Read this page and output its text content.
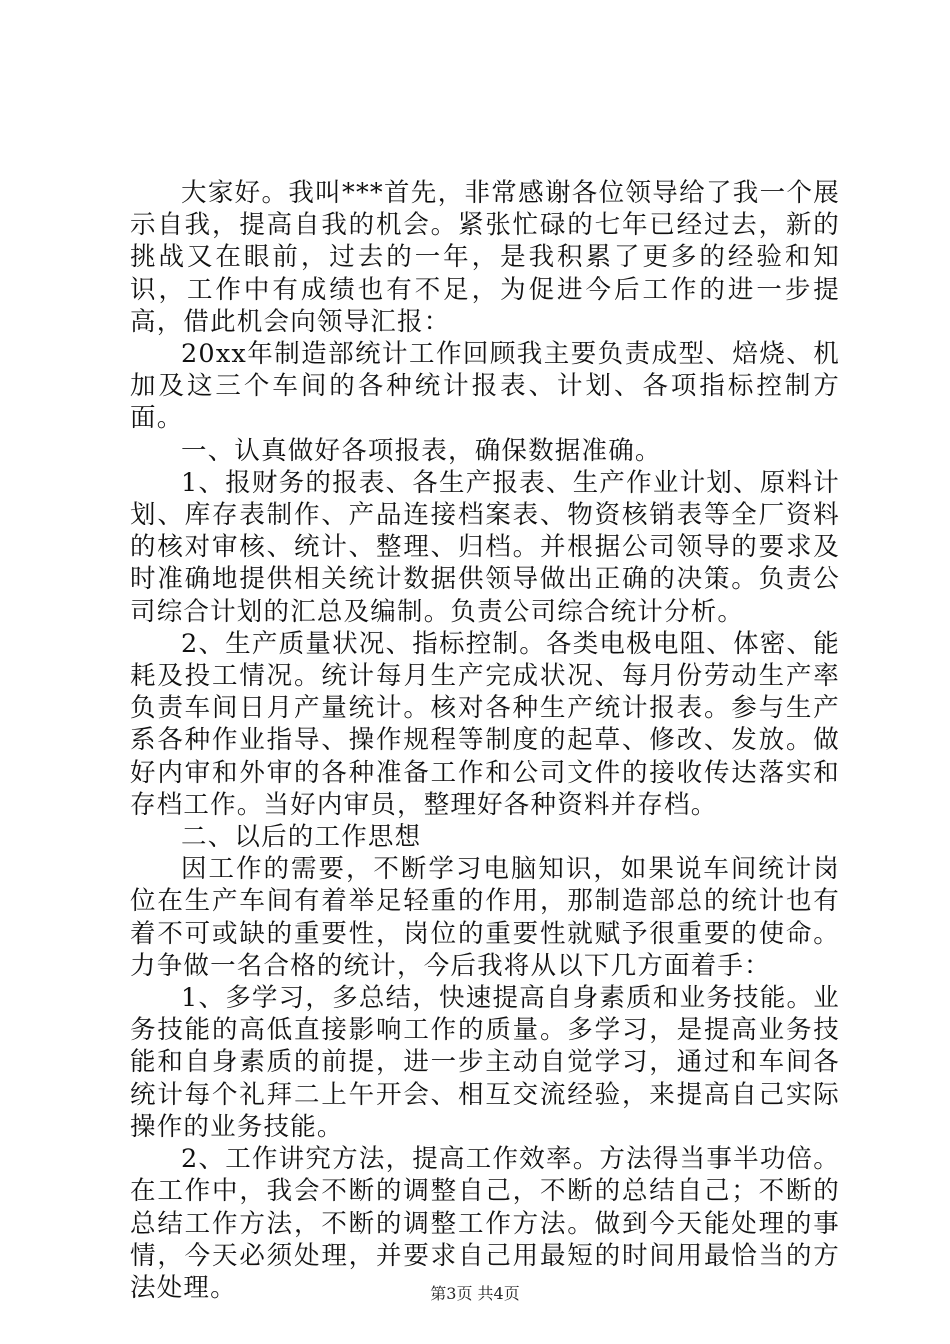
大家好。我叫***首先，非常感谢各位领导给了我一个展示自我，提高自我的机会。紧张忙碌的七年已经过去，新的挑战又在眼前，过去的一年，是我积累了更多的经验和知识，工作中有成绩也有不足，为促进今后工作的进一步提高，借此机会向领导汇报：

20xx年制造部统计工作回顾我主要负责成型、焙烧、机加及这三个车间的各种统计报表、计划、各项指标控制方面。

一、认真做好各项报表，确保数据准确。

1、报财务的报表、各生产报表、生产作业计划、原料计划、库存表制作、产品连接档案表、物资核销表等全厂资料的核对审核、统计、整理、归档。并根据公司领导的要求及时准确地提供相关统计数据供领导做出正确的决策。负责公司综合计划的汇总及编制。负责公司综合统计分析。

2、生产质量状况、指标控制。各类电极电阻、体密、能耗及投工情况。统计每月生产完成状况、每月份劳动生产率负责车间日月产量统计。核对各种生产统计报表。参与生产系各种作业指导、操作规程等制度的起草、修改、发放。做好内审和外审的各种准备工作和公司文件的接收传达落实和存档工作。当好内审员，整理好各种资料并存档。

二、以后的工作思想

因工作的需要，不断学习电脑知识，如果说车间统计岗位在生产车间有着举足轻重的作用，那制造部总的统计也有着不可或缺的重要性，岗位的重要性就赋予很重要的使命。力争做一名合格的统计，今后我将从以下几方面着手：

1、多学习，多总结，快速提高自身素质和业务技能。业务技能的高低直接影响工作的质量。多学习，是提高业务技能和自身素质的前提，进一步主动自觉学习，通过和车间各统计每个礼拜二上午开会、相互交流经验，来提高自己实际操作的业务技能。

2、工作讲究方法，提高工作效率。方法得当事半功倍。在工作中，我会不断的调整自己，不断的总结自己；不断的总结工作方法，不断的调整工作方法。做到今天能处理的事情，今天必须处理，并要求自己用最短的时间用最恰当的方法处理。	第3页 共4页
